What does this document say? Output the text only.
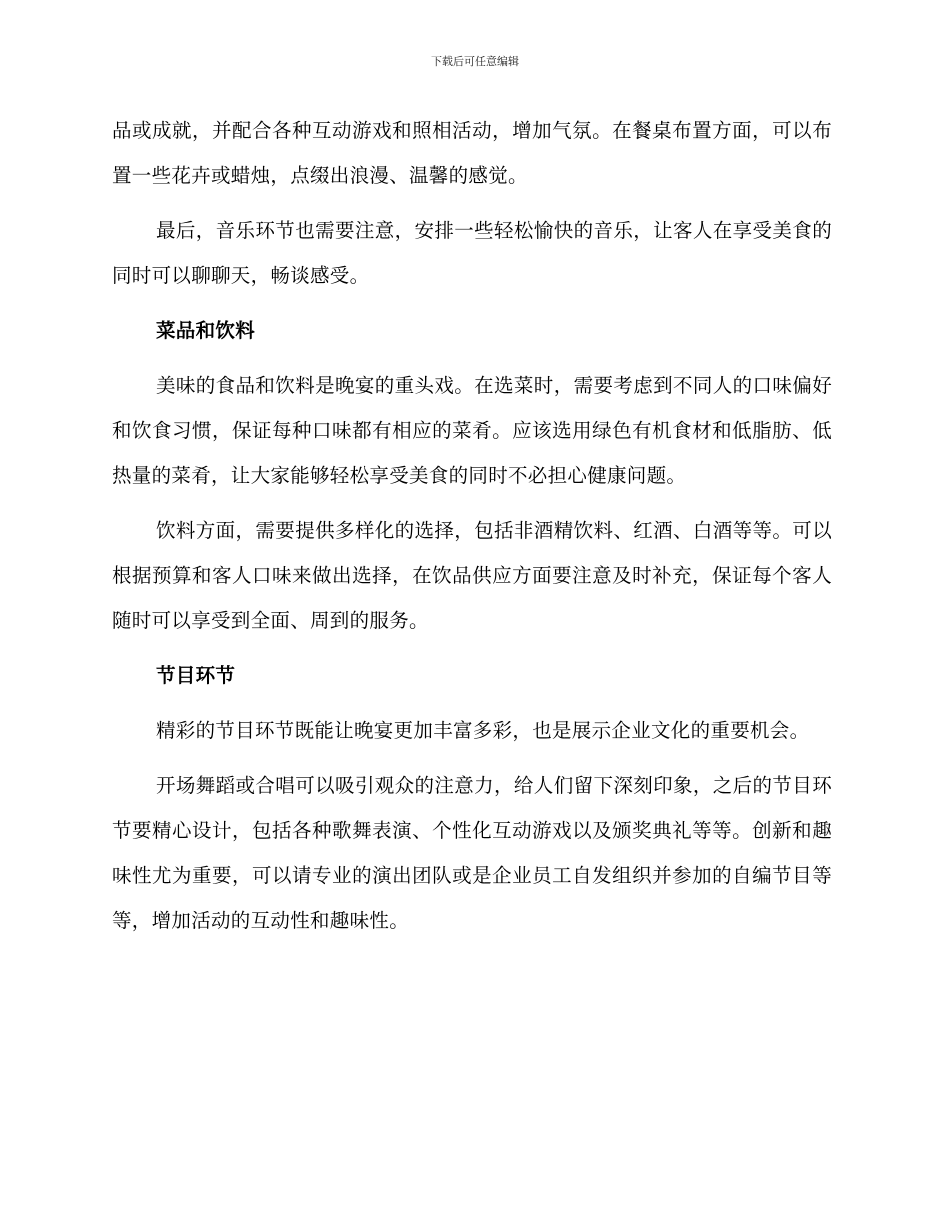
下载后可任意编辑

品或成就，并配合各种互动游戏和照相活动，增加气氛。在餐桌布置方面，可以布置一些花卉或蜡烛，点缀出浪漫、温馨的感觉。

最后，音乐环节也需要注意，安排一些轻松愉快的音乐，让客人在享受美食的同时可以聊聊天，畅谈感受。

菜品和饮料

美味的食品和饮料是晚宴的重头戏。在选菜时，需要考虑到不同人的口味偏好和饮食习惯，保证每种口味都有相应的菜肴。应该选用绿色有机食材和低脂肪、低热量的菜肴，让大家能够轻松享受美食的同时不必担心健康问题。

饮料方面，需要提供多样化的选择，包括非酒精饮料、红酒、白酒等等。可以根据预算和客人口味来做出选择，在饮品供应方面要注意及时补充，保证每个客人随时可以享受到全面、周到的服务。

节目环节

精彩的节目环节既能让晚宴更加丰富多彩，也是展示企业文化的重要机会。

开场舞蹈或合唱可以吸引观众的注意力，给人们留下深刻印象，之后的节目环节要精心设计，包括各种歌舞表演、个性化互动游戏以及颁奖典礼等等。创新和趣味性尤为重要，可以请专业的演出团队或是企业员工自发组织并参加的自编节目等等，增加活动的互动性和趣味性。
